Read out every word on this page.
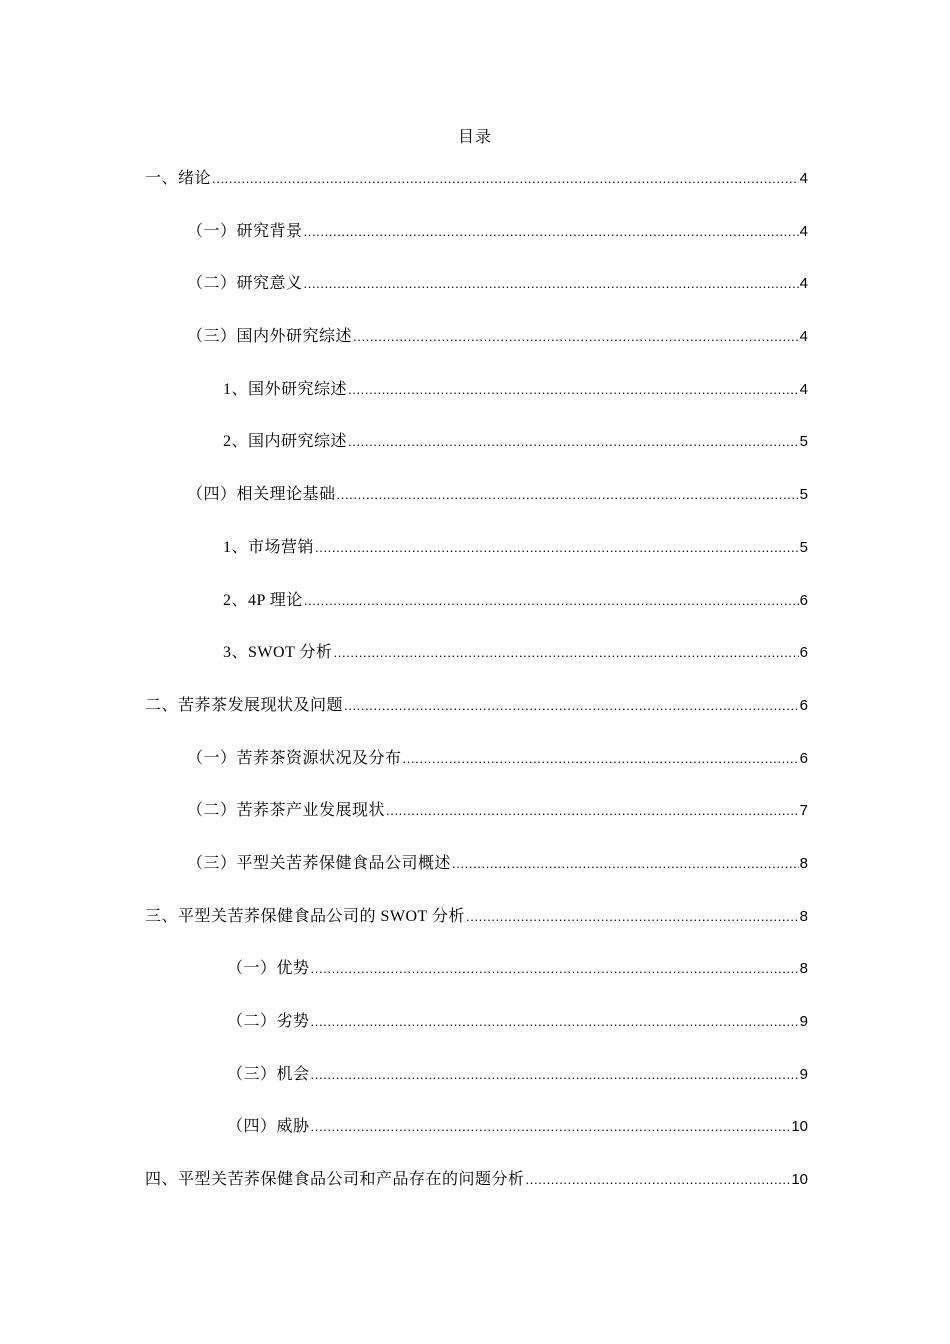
目录
一、绪论 .....	4
（一）研究背景 .....	4
（二）研究意义 .....	4
（三）国内外研究综述 .....	4
1、国外研究综述 .....	4
2、国内研究综述 .....	5
（四）相关理论基础 .....	5
1、市场营销 .....	5
2、4P 理论 .....	6
3、SWOT 分析 .....	6
二、苦荞茶发展现状及问题 .....	6
（一）苦荞茶资源状况及分布 .....	6
（二）苦荞茶产业发展现状 .....	7
（三）平型关苦荞保健食品公司概述 .....	8
三、平型关苦荞保健食品公司的 SWOT 分析 .....	8
（一）优势 .....	8
（二）劣势 .....	9
（三）机会 .....	9
（四）威胁 .....	10
四、平型关苦荞保健食品公司和产品存在的问题分析 .....	10
